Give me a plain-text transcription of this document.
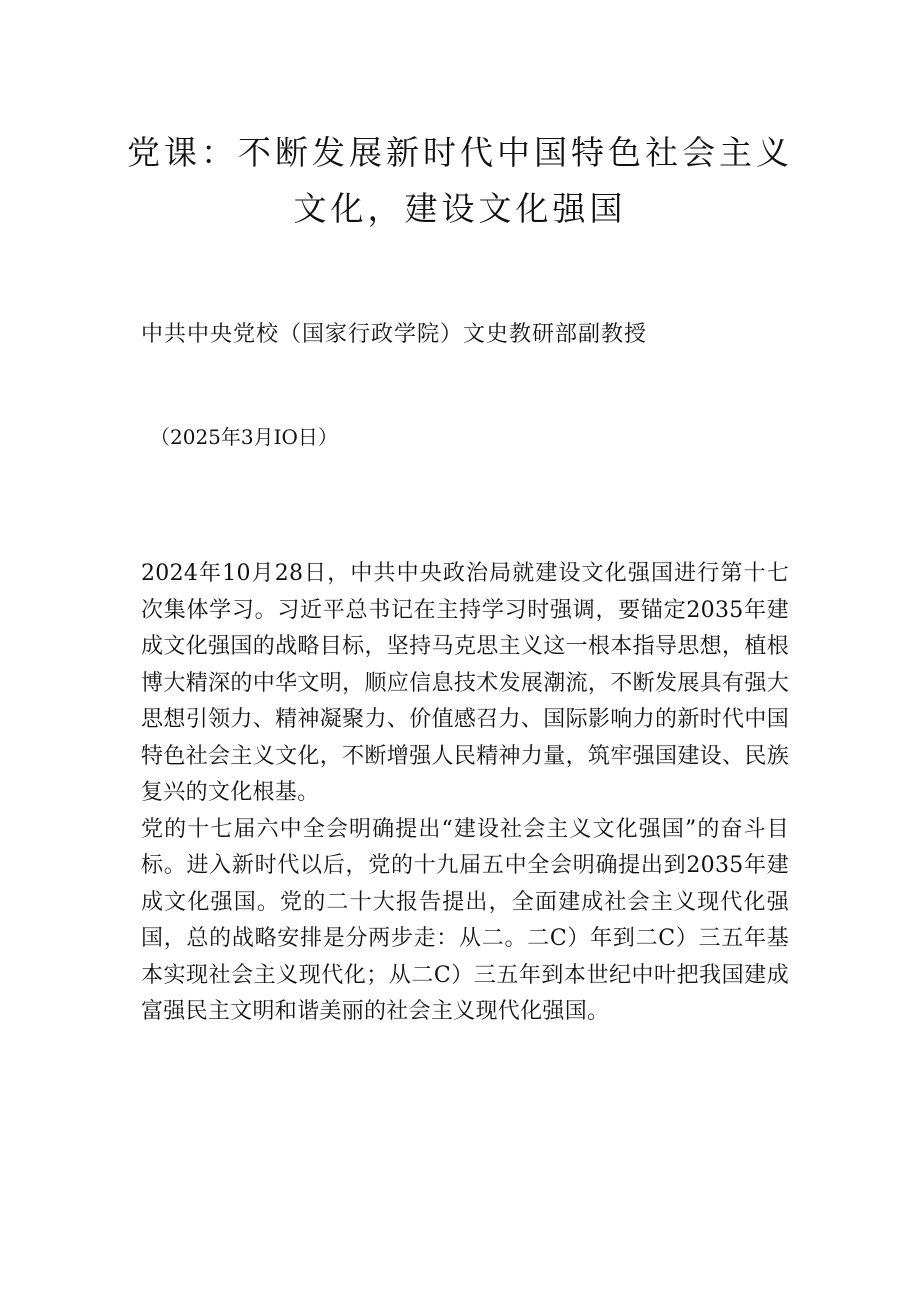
党课：不断发展新时代中国特色社会主义文化，建设文化强国

中共中央党校（国家行政学院）文史教研部副教授

（2025年3月IO日）

2024年10月28日，中共中央政治局就建设文化强国进行第十七次集体学习。习近平总书记在主持学习时强调，要锚定2035年建成文化强国的战略目标，坚持马克思主义这一根本指导思想，植根博大精深的中华文明，顺应信息技术发展潮流，不断发展具有强大思想引领力、精神凝聚力、价值感召力、国际影响力的新时代中国特色社会主义文化，不断增强人民精神力量，筑牢强国建设、民族复兴的文化根基。

党的十七届六中全会明确提出“建设社会主义文化强国”的奋斗目标。进入新时代以后，党的十九届五中全会明确提出到2035年建成文化强国。党的二十大报告提出，全面建成社会主义现代化强国，总的战略安排是分两步走：从二。二C）年到二C）三五年基本实现社会主义现代化；从二C）三五年到本世纪中叶把我国建成富强民主文明和谐美丽的社会主义现代化强国。
